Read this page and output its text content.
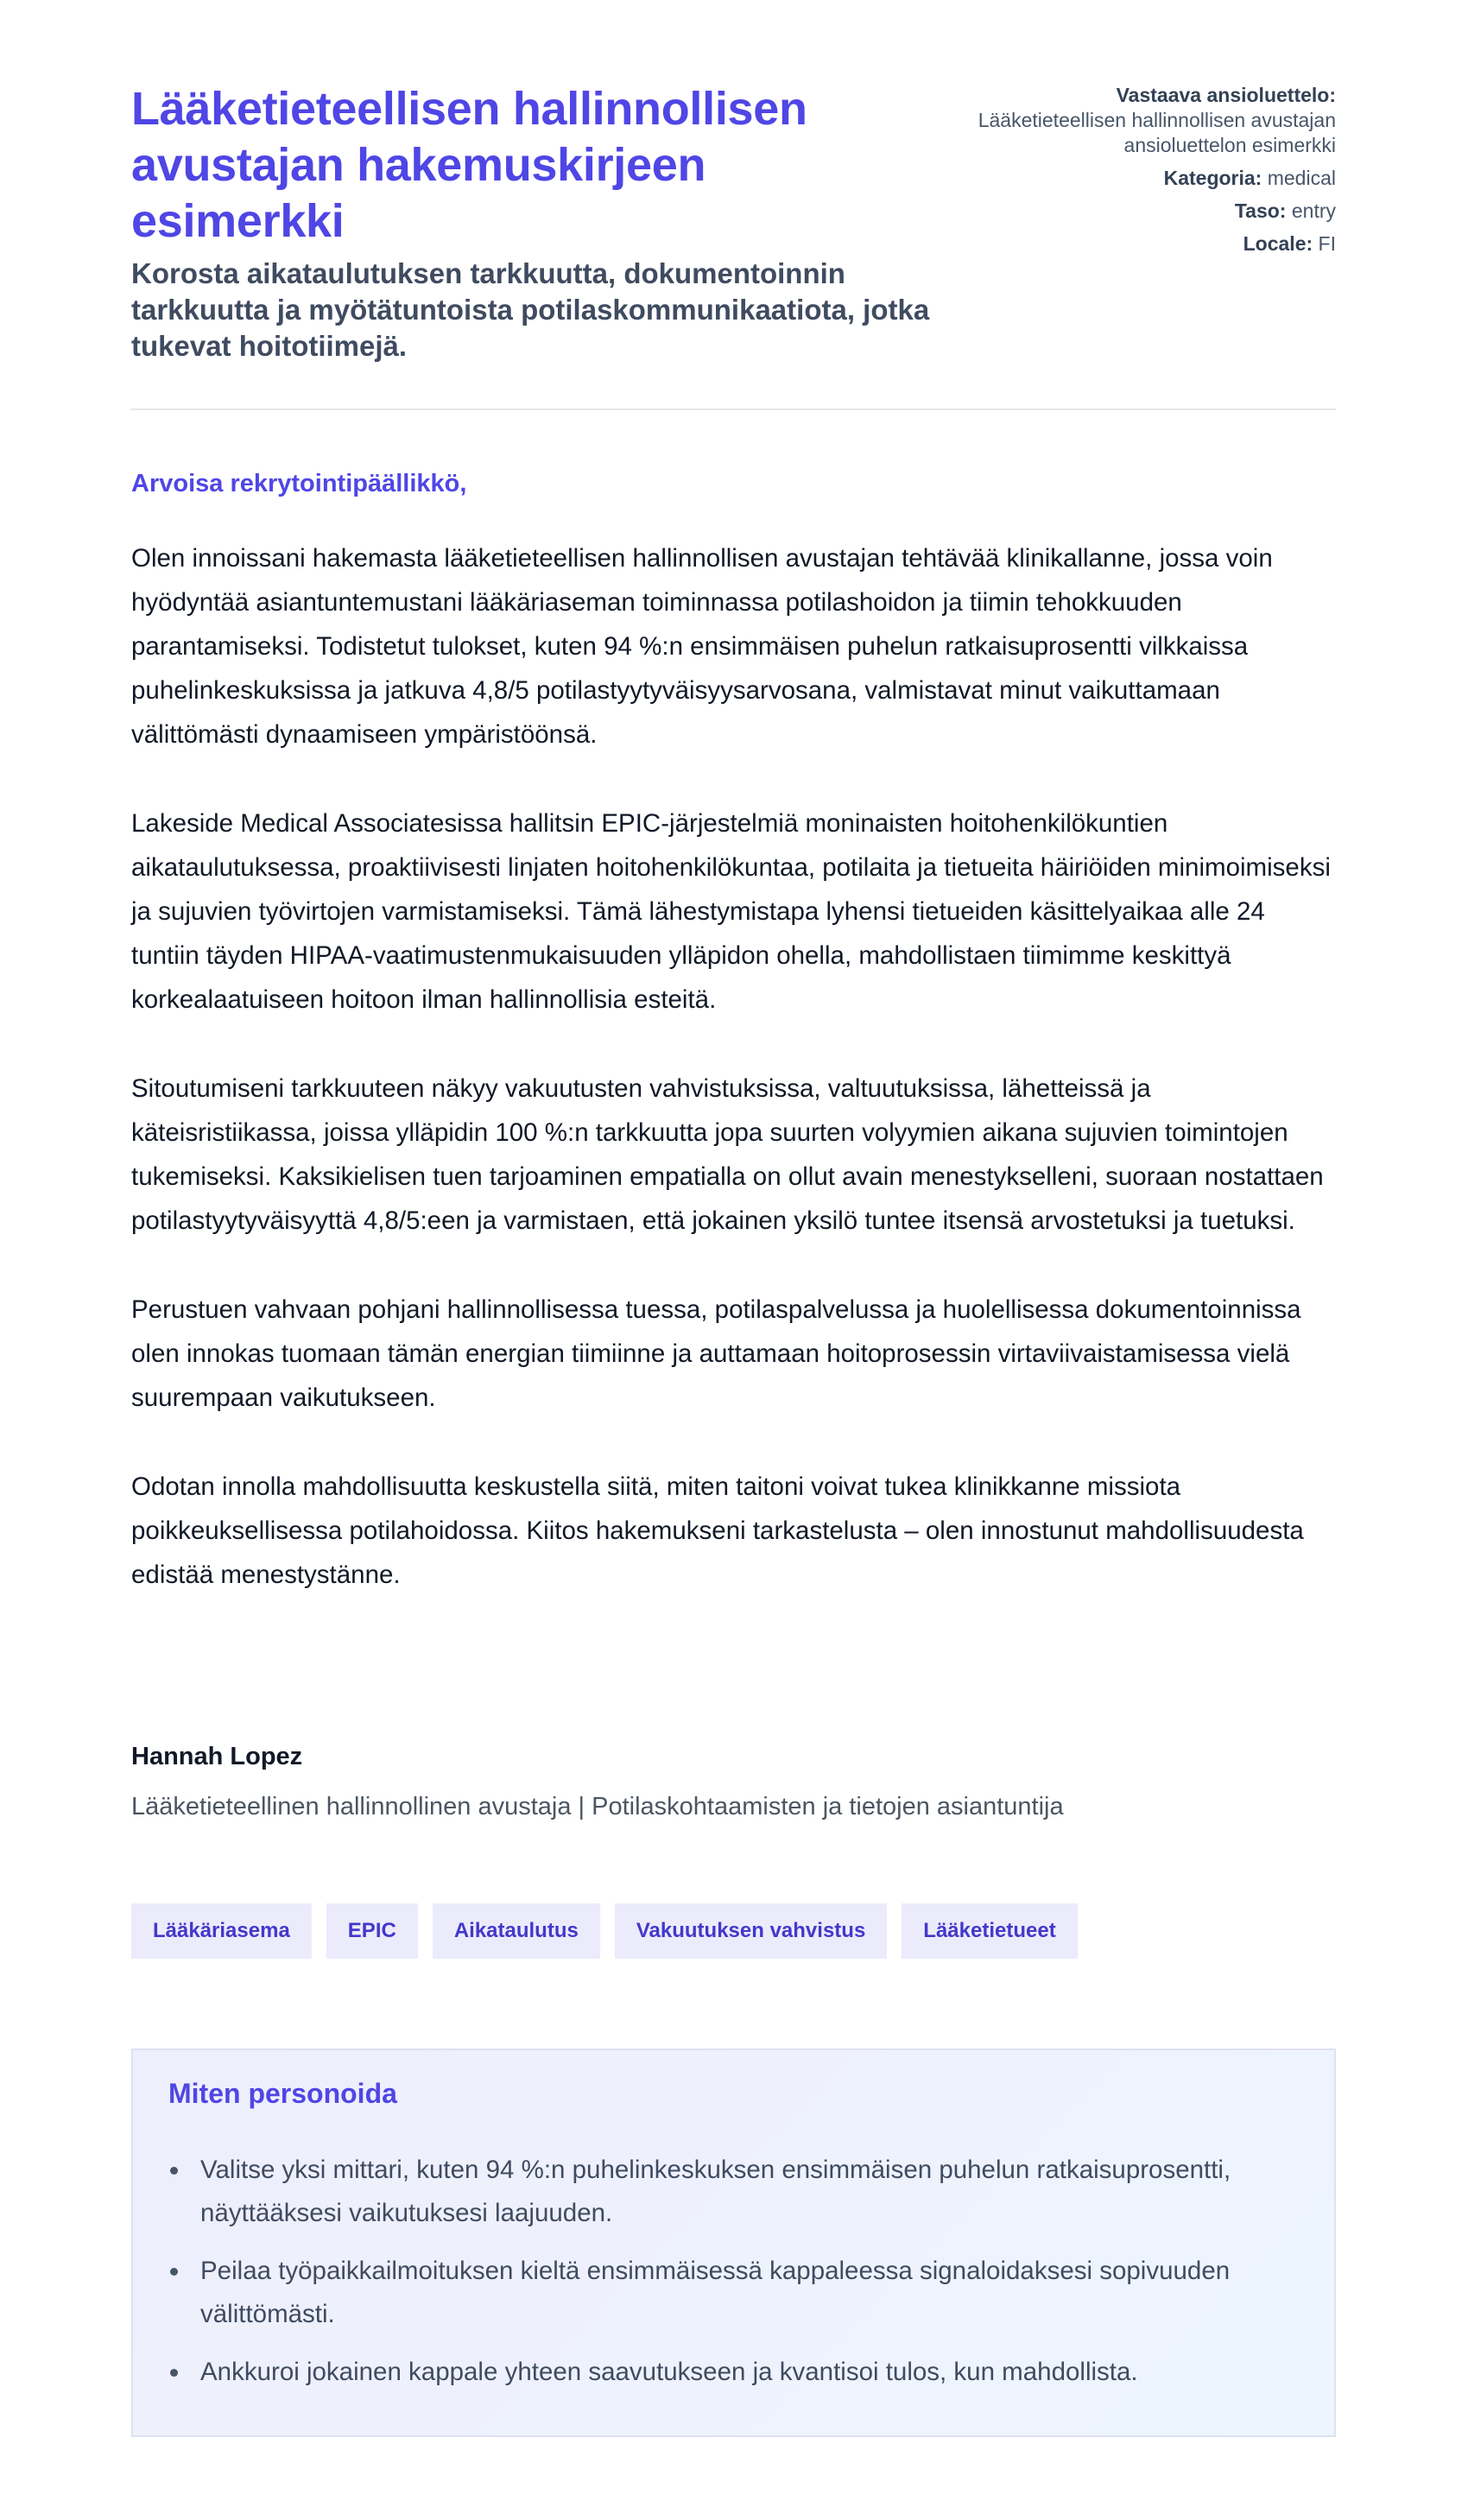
Lääketieteellisen hallinnollisen avustajan hakemuskirjeen esimerkki
Korosta aikataulutuksen tarkkuutta, dokumentoinnin tarkkuutta ja myötätuntoista potilaskommunikaatiota, jotka tukevat hoitotiimejä.
Vastaava ansioluettelo:
Lääketieteellisen hallinnollisen avustajan ansioluettelon esimerkki
Kategoria: medical
Taso: entry
Locale: FI

Arvoisa rekrytointipäällikkö,

Olen innoissani hakemasta lääketieteellisen hallinnollisen avustajan tehtävää klinikallanne, jossa voin hyödyntää asiantuntemustani lääkäriaseman toiminnassa potilashoidon ja tiimin tehokkuuden parantamiseksi. Todistetut tulokset, kuten 94 %:n ensimmäisen puhelun ratkaisuprosentti vilkkaissa puhelinkeskuksissa ja jatkuva 4,8/5 potilastyytyväisyysarvosana, valmistavat minut vaikuttamaan välittömästi dynaamiseen ympäristöönsä.

Lakeside Medical Associatesissa hallitsin EPIC-järjestelmiä moninaisten hoitohenkilökuntien aikataulutuksessa, proaktiivisesti linjaten hoitohenkilökuntaa, potilaita ja tietueita häiriöiden minimoimiseksi ja sujuvien työvirtojen varmistamiseksi. Tämä lähestymistapa lyhensi tietueiden käsittelyaikaa alle 24 tuntiin täyden HIPAA-vaatimustenmukaisuuden ylläpidon ohella, mahdollistaen tiimimme keskittyä korkealaatuiseen hoitoon ilman hallinnollisia esteitä.

Sitoutumiseni tarkkuuteen näkyy vakuutusten vahvistuksissa, valtuutuksissa, lähetteissä ja käteisristiikassa, joissa ylläpidin 100 %:n tarkkuutta jopa suurten volyymien aikana sujuvien toimintojen tukemiseksi. Kaksikielisen tuen tarjoaminen empatialla on ollut avain menestykselleni, suoraan nostattaen potilastyytyväisyyttä 4,8/5:een ja varmistaen, että jokainen yksilö tuntee itsensä arvostetuksi ja tuetuksi.

Perustuen vahvaan pohjani hallinnollisessa tuessa, potilaspalvelussa ja huolellisessa dokumentoinnissa olen innokas tuomaan tämän energian tiimiinne ja auttamaan hoitoprosessin virtaviivaistamisessa vielä suurempaan vaikutukseen.

Odotan innolla mahdollisuutta keskustella siitä, miten taitoni voivat tukea klinikkanne missiota poikkeuksellisessa potilahoidossa. Kiitos hakemukseni tarkastelusta – olen innostunut mahdollisuudesta edistää menestystänne.

Hannah Lopez
Lääketieteellinen hallinnollinen avustaja | Potilaskohtaamisten ja tietojen asiantuntija
Lääkäriasema	EPIC	Aikataulutus	Vakuutuksen vahvistus	Lääketietueet
Miten personoida
Valitse yksi mittari, kuten 94 %:n puhelinkeskuksen ensimmäisen puhelun ratkaisuprosentti, näyttääksesi vaikutuksesi laajuuden.
Peilaa työpaikkailmoituksen kieltä ensimmäisessä kappaleessa signaloidaksesi sopivuuden välittömästi.
Ankkuroi jokainen kappale yhteen saavutukseen ja kvantisoi tulos, kun mahdollista.
